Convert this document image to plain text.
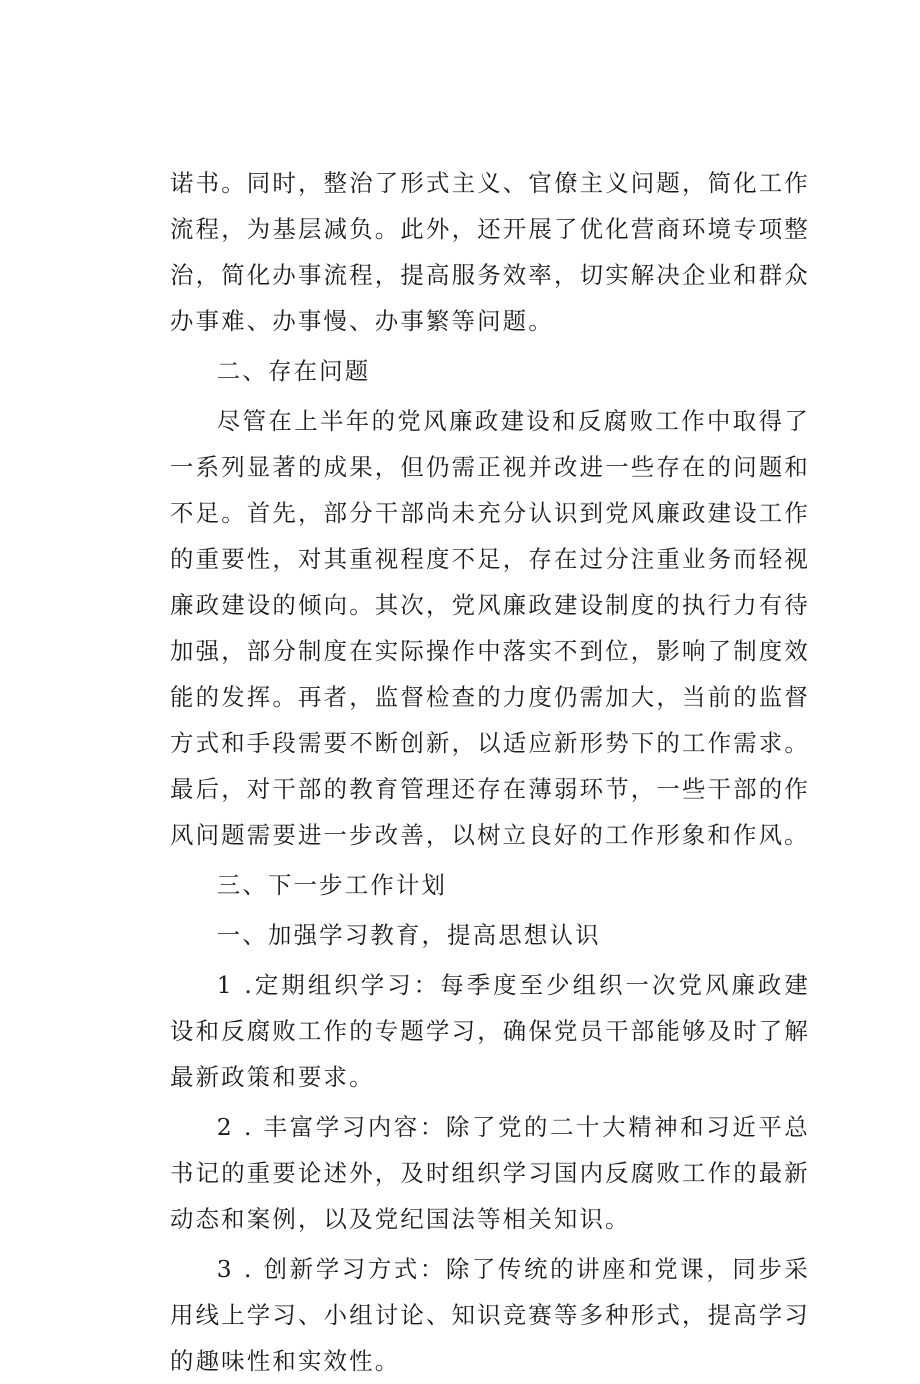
诺书。同时，整治了形式主义、官僚主义问题，简化工作流程，为基层减负。此外，还开展了优化营商环境专项整治，简化办事流程，提高服务效率，切实解决企业和群众办事难、办事慢、办事繁等问题。

二、存在问题

尽管在上半年的党风廉政建设和反腐败工作中取得了一系列显著的成果，但仍需正视并改进一些存在的问题和不足。首先，部分干部尚未充分认识到党风廉政建设工作的重要性，对其重视程度不足，存在过分注重业务而轻视廉政建设的倾向。其次，党风廉政建设制度的执行力有待加强，部分制度在实际操作中落实不到位，影响了制度效能的发挥。再者，监督检查的力度仍需加大，当前的监督方式和手段需要不断创新，以适应新形势下的工作需求。最后，对干部的教育管理还存在薄弱环节，一些干部的作风问题需要进一步改善，以树立良好的工作形象和作风。

三、下一步工作计划

一、加强学习教育，提高思想认识

1 .定期组织学习：每季度至少组织一次党风廉政建设和反腐败工作的专题学习，确保党员干部能够及时了解最新政策和要求。

2 . 丰富学习内容：除了党的二十大精神和习近平总书记的重要论述外，及时组织学习国内反腐败工作的最新动态和案例，以及党纪国法等相关知识。

3 . 创新学习方式：除了传统的讲座和党课，同步采用线上学习、小组讨论、知识竞赛等多种形式，提高学习的趣味性和实效性。
